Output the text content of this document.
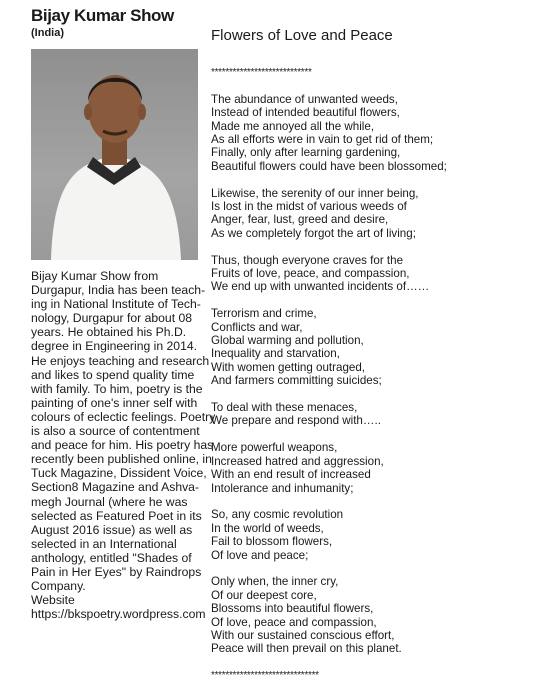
Bijay Kumar Show
(India)
Bijay Kumar Show from
Durgapur, India has been teach-
ing in National Institute of Tech-
nology, Durgapur for about 08
years. He obtained his Ph.D.
degree in Engineering in 2014.
He enjoys teaching and research
and likes to spend quality time
with family. To him, poetry is the
painting of one's inner self with
colours of eclectic feelings. Poetry
is also a source of contentment
and peace for him. His poetry has
recently been published online, in
Tuck Magazine, Dissident Voice,
Section8 Magazine and Ashva-
megh Journal (where he was
selected as Featured Poet in its
August 2016 issue) as well as
selected in an International
anthology, entitled "Shades of
Pain in Her Eyes" by Raindrops
Company.
Website
https://bkspoetry.wordpress.com
Flowers of Love and Peace
****************************
The abundance of unwanted weeds,
Instead of intended beautiful flowers,
Made me annoyed all the while,
As all efforts were in vain to get rid of them;
Finally, only after learning gardening,
Beautiful flowers could have been blossomed;
Likewise, the serenity of our inner being,
Is lost in the midst of various weeds of
Anger, fear, lust, greed and desire,
As we completely forgot the art of living;
Thus, though everyone craves for the
Fruits of love, peace, and compassion,
We end up with unwanted incidents of……
Terrorism and crime,
Conflicts and war,
Global warming and pollution,
Inequality and starvation,
With women getting outraged,
And farmers committing suicides;
To deal with these menaces,
We prepare and respond with…..
More powerful weapons,
Increased hatred and aggression,
With an end result of increased
Intolerance and inhumanity;
So, any cosmic revolution
In the world of weeds,
Fail to blossom flowers,
Of love and peace;
Only when, the inner cry,
Of our deepest core,
Blossoms into beautiful flowers,
Of love, peace and compassion,
With our sustained conscious effort,
Peace will then prevail on this planet.
******************************
